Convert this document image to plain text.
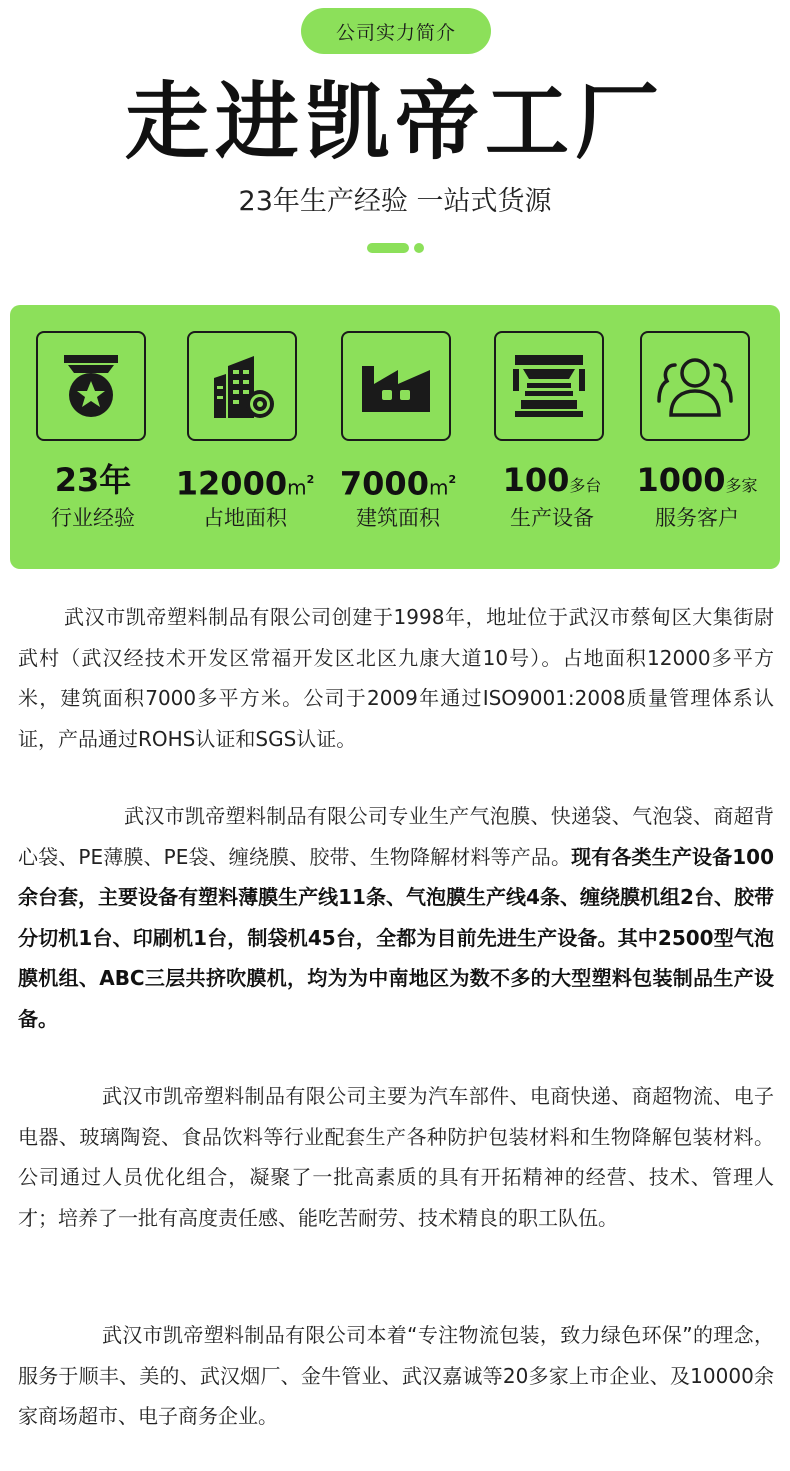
公司实力简介
走进凯帝工厂
23年生产经验 一站式货源
23年
行业经验
$12000m^2$
占地面积
$7000m^2$
建筑面积
100多台
生产设备
1000多家
服务客户

武汉市凯帝塑料制品有限公司创建于1998年，地址位于武汉市蔡甸区大集街尉武村（武汉经技术开发区常福开发区北区九康大道10号）。占地面积12000多平方米，建筑面积7000多平方米。公司于2009年通过ISO9001:2008质量管理体系认证，产品通过ROHS认证和SGS认证。

武汉市凯帝塑料制品有限公司专业生产气泡膜、快递袋、气泡袋、商超背心袋、PE薄膜、PE袋、缠绕膜、胶带、生物降解材料等产品。现有各类生产设备100余台套，主要设备有塑料薄膜生产线11条、气泡膜生产线4条、缠绕膜机组2台、胶带分切机1台、印刷机1台，制袋机45台，全都为目前先进生产设备。其中2500型气泡膜机组、ABC三层共挤吹膜机，均为为中南地区为数不多的大型塑料包装制品生产设备。

武汉市凯帝塑料制品有限公司主要为汽车部件、电商快递、商超物流、电子电器、玻璃陶瓷、食品饮料等行业配套生产各种防护包装材料和生物降解包装材料。公司通过人员优化组合，凝聚了一批高素质的具有开拓精神的经营、技术、管理人才；培养了一批有高度责任感、能吃苦耐劳、技术精良的职工队伍。

武汉市凯帝塑料制品有限公司本着“专注物流包装，致力绿色环保”的理念，服务于顺丰、美的、武汉烟厂、金牛管业、武汉嘉诚等20多家上市企业、及10000余家商场超市、电子商务企业。
